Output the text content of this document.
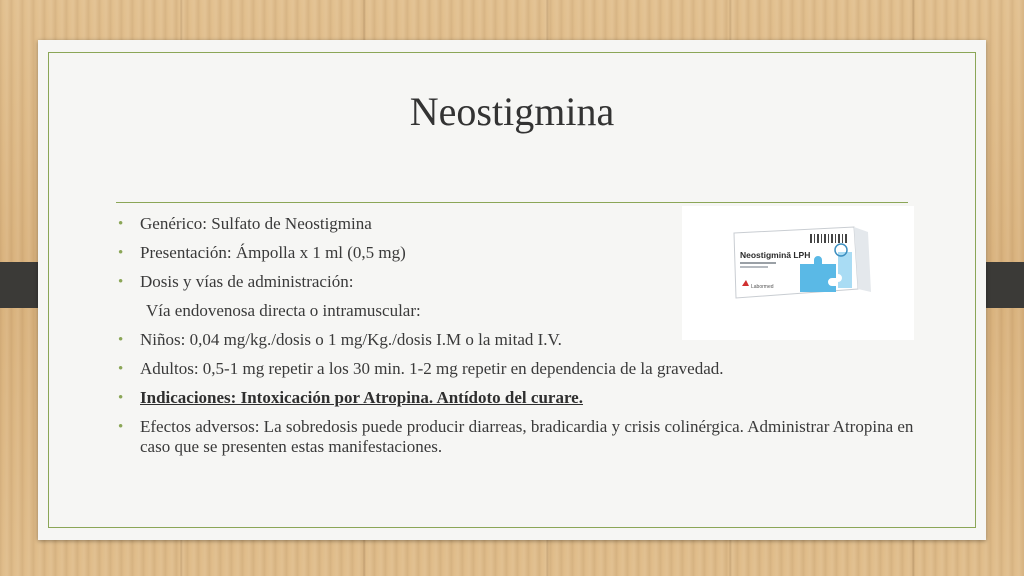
Neostigmina
Neostigmină LPH
Labormed
• Genérico: Sulfato de Neostigmina
• Presentación: Ámpolla x 1 ml (0,5 mg)
• Dosis y vías de administración:
Vía endovenosa directa o intramuscular:
• Niños: 0,04 mg/kg./dosis o 1 mg/Kg./dosis I.M o la mitad I.V.
• Adultos: 0,5-1 mg repetir a los 30 min. 1-2 mg repetir en dependencia de la gravedad.
• Indicaciones: Intoxicación por Atropina. Antídoto del curare.
• Efectos adversos: La sobredosis puede producir diarreas, bradicardia y crisis colinérgica. Administrar Atropina en caso que se presenten estas manifestaciones.
